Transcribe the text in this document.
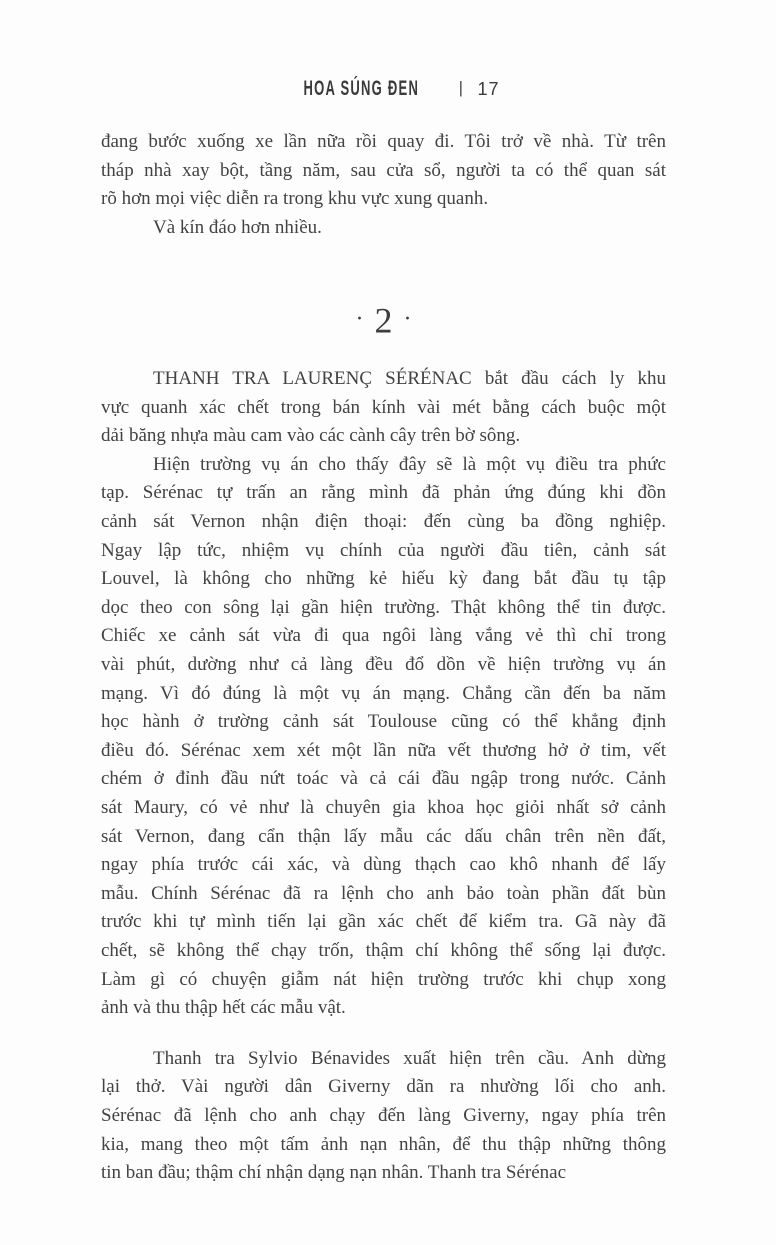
HOA SÚNG ĐEN | 17
đang bước xuống xe lần nữa rồi quay đi. Tôi trở về nhà. Từ trên
tháp nhà xay bột, tầng năm, sau cửa sổ, người ta có thể quan sát
rõ hơn mọi việc diễn ra trong khu vực xung quanh.
Và kín đáo hơn nhiều.
· 2 ·
THANH TRA LAURENÇ SÉRÉNAC bắt đầu cách ly khu
vực quanh xác chết trong bán kính vài mét bằng cách buộc một
dải băng nhựa màu cam vào các cành cây trên bờ sông.
Hiện trường vụ án cho thấy đây sẽ là một vụ điều tra phức
tạp. Sérénac tự trấn an rằng mình đã phản ứng đúng khi đồn
cảnh sát Vernon nhận điện thoại: đến cùng ba đồng nghiệp.
Ngay lập tức, nhiệm vụ chính của người đầu tiên, cảnh sát
Louvel, là không cho những kẻ hiếu kỳ đang bắt đầu tụ tập
dọc theo con sông lại gần hiện trường. Thật không thể tin được.
Chiếc xe cảnh sát vừa đi qua ngôi làng vắng vẻ thì chỉ trong
vài phút, dường như cả làng đều đổ dồn về hiện trường vụ án
mạng. Vì đó đúng là một vụ án mạng. Chẳng cần đến ba năm
học hành ở trường cảnh sát Toulouse cũng có thể khẳng định
điều đó. Sérénac xem xét một lần nữa vết thương hở ở tim, vết
chém ở đỉnh đầu nứt toác và cả cái đầu ngập trong nước. Cảnh
sát Maury, có vẻ như là chuyên gia khoa học giỏi nhất sở cảnh
sát Vernon, đang cẩn thận lấy mẫu các dấu chân trên nền đất,
ngay phía trước cái xác, và dùng thạch cao khô nhanh để lấy
mẫu. Chính Sérénac đã ra lệnh cho anh bảo toàn phần đất bùn
trước khi tự mình tiến lại gần xác chết để kiểm tra. Gã này đã
chết, sẽ không thể chạy trốn, thậm chí không thể sống lại được.
Làm gì có chuyện giẫm nát hiện trường trước khi chụp xong
ảnh và thu thập hết các mẫu vật.
Thanh tra Sylvio Bénavides xuất hiện trên cầu. Anh dừng
lại thở. Vài người dân Giverny dãn ra nhường lối cho anh.
Sérénac đã lệnh cho anh chạy đến làng Giverny, ngay phía trên
kia, mang theo một tấm ảnh nạn nhân, để thu thập những thông
tin ban đầu; thậm chí nhận dạng nạn nhân. Thanh tra Sérénac
